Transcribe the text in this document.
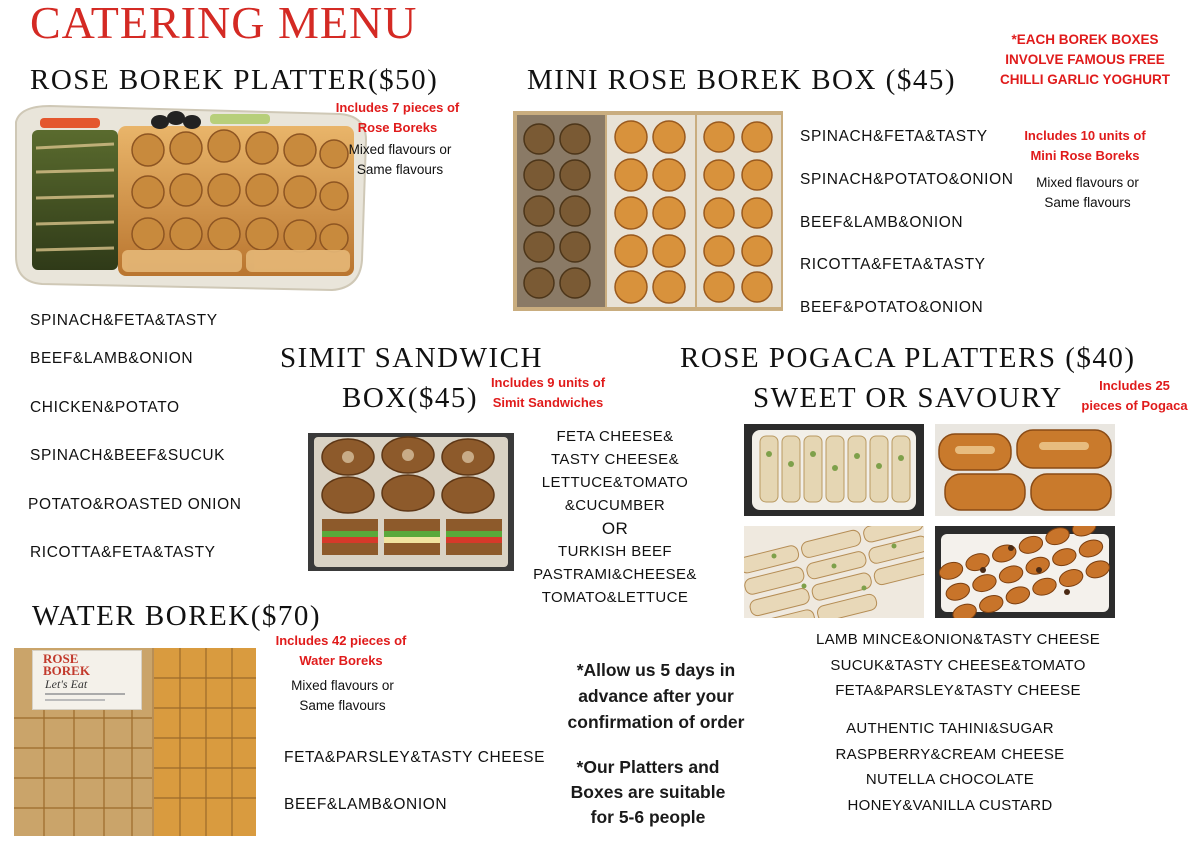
CATERING MENU	*EACH BOREK BOXES
INVOLVE FAMOUS FREE
CHILLI GARLIC YOGHURT
ROSE BOREK PLATTER($50)
Includes 7 pieces of
Rose Boreks
Mixed flavours or
Same flavours
SPINACH&FETA&TASTY
BEEF&LAMB&ONION
CHICKEN&POTATO
SPINACH&BEEF&SUCUK
POTATO&ROASTED ONION
RICOTTA&FETA&TASTY
MINI ROSE BOREK BOX ($45)
SPINACH&FETA&TASTY
SPINACH&POTATO&ONION
BEEF&LAMB&ONION
RICOTTA&FETA&TASTY
BEEF&POTATO&ONION
Includes 10 units of
Mini Rose Boreks
Mixed flavours or
Same flavours
SIMIT SANDWICH
BOX($45) Includes 9 units of
Simit Sandwiches
FETA CHEESE&
TASTY CHEESE&
LETTUCE&TOMATO
&CUCUMBER
OR
TURKISH BEEF
PASTRAMI&CHEESE&
TOMATO&LETTUCE
ROSE POGACA PLATTERS ($40)
SWEET OR SAVOURY	Includes 25
pieces of Pogaca
LAMB MINCE&ONION&TASTY CHEESE
SUCUK&TASTY CHEESE&TOMATO
FETA&PARSLEY&TASTY CHEESE
AUTHENTIC TAHINI&SUGAR
RASPBERRY&CREAM CHEESE
NUTELLA CHOCOLATE
HONEY&VANILLA CUSTARD
WATER BOREK($70)
Includes 42 pieces of
Water Boreks
Mixed flavours or
Same flavours
ROSE
BOREK
Let's Eat
FETA&PARSLEY&TASTY CHEESE
BEEF&LAMB&ONION
*Allow us 5 days in
advance after your
confirmation of order
*Our Platters and
Boxes are suitable
for 5-6 people
